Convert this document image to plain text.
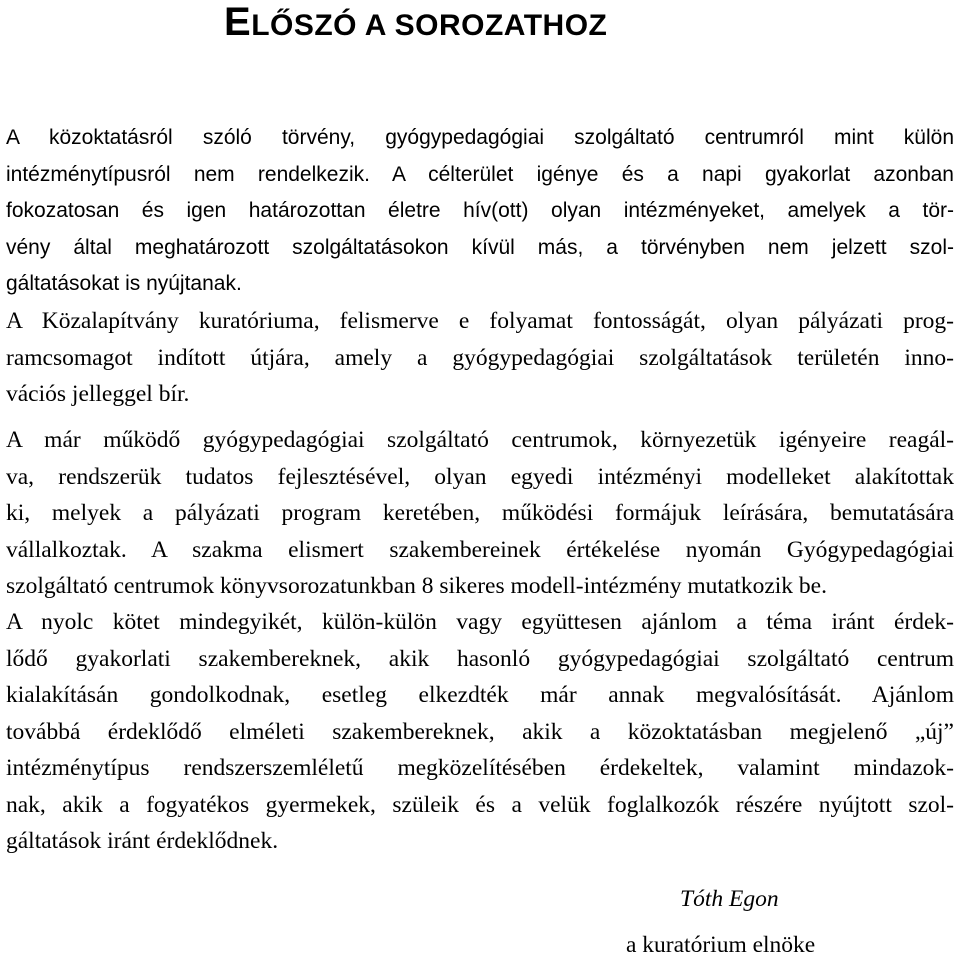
ELŐSZÓ A SOROZATHOZ

A közoktatásról szóló törvény, gyógypedagógiai szolgáltató centrumról mint külön
intézménytípusról nem rendelkezik. A célterület igénye és a napi gyakorlat azonban
fokozatosan és igen határozottan életre hív(ott) olyan intézményeket, amelyek a tör-
vény által meghatározott szolgáltatásokon kívül más, a törvényben nem jelzett szol-
gáltatásokat is nyújtanak.

A Közalapítvány kuratóriuma, felismerve e folyamat fontosságát, olyan pályázati prog-
ramcsomagot indított útjára, amely a gyógypedagógiai szolgáltatások területén inno-
vációs jelleggel bír.

A már működő gyógypedagógiai szolgáltató centrumok, környezetük igényeire reagál-
va, rendszerük tudatos fejlesztésével, olyan egyedi intézményi modelleket alakítottak
ki, melyek a pályázati program keretében, működési formájuk leírására, bemutatására
vállalkoztak. A szakma elismert szakembereinek értékelése nyomán Gyógypedagógiai
szolgáltató centrumok könyvsorozatunkban 8 sikeres modell-intézmény mutatkozik be.

A nyolc kötet mindegyikét, külön-külön vagy együttesen ajánlom a téma iránt érdek-
lődő gyakorlati szakembereknek, akik hasonló gyógypedagógiai szolgáltató centrum
kialakításán gondolkodnak, esetleg elkezdték már annak megvalósítását. Ajánlom
továbbá érdeklődő elméleti szakembereknek, akik a közoktatásban megjelenő „új”
intézménytípus rendszerszemléletű megközelítésében érdekeltek, valamint mindazok-
nak, akik a fogyatékos gyermekek, szüleik és a velük foglalkozók részére nyújtott szol-
gáltatások iránt érdeklődnek.

Tóth Egon
a kuratórium elnöke
